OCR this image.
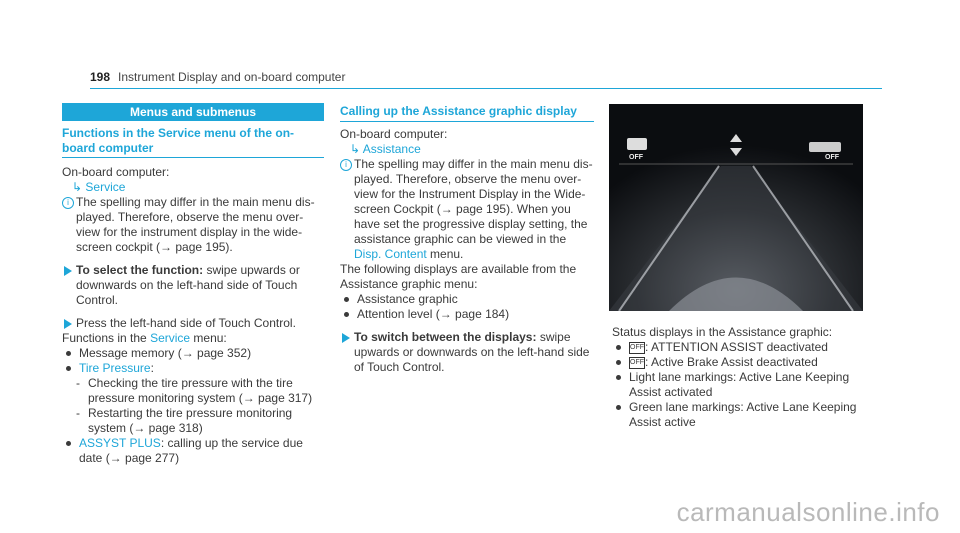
198 Instrument Display and on-board computer
Menus and submenus
Functions in the Service menu of the on-
board computer
On-board computer:
↳ Service
i The spelling may differ in the main menu dis-
played. Therefore, observe the menu over-
view for the instrument display in the wide-
screen cockpit (→ page 195).
To select the function: swipe upwards or
downwards on the left-hand side of Touch
Control.
Press the left-hand side of Touch Control.
Functions in the Service menu:
Message memory (→ page 352)
Tire Pressure:
- Checking the tire pressure with the tire
pressure monitoring system (→ page 317)
- Restarting the tire pressure monitoring
system (→ page 318)
ASSYST PLUS: calling up the service due
date (→ page 277)
Calling up the Assistance graphic display
On-board computer:
↳ Assistance
i The spelling may differ in the main menu dis-
played. Therefore, observe the menu over-
view for the Instrument Display in the Wide-
screen Cockpit (→ page 195). When you
have set the progressive display setting, the
assistance graphic can be viewed in the
Disp. Content menu.
The following displays are available from the
Assistance graphic menu:
Assistance graphic
Attention level (→ page 184)
To switch between the displays: swipe
upwards or downwards on the left-hand side
of Touch Control.
OFF	OFF
Status displays in the Assistance graphic:
OFF: ATTENTION ASSIST deactivated
OFF: Active Brake Assist deactivated
Light lane markings: Active Lane Keeping
Assist activated
Green lane markings: Active Lane Keeping
Assist active
carmanualsonline.info
